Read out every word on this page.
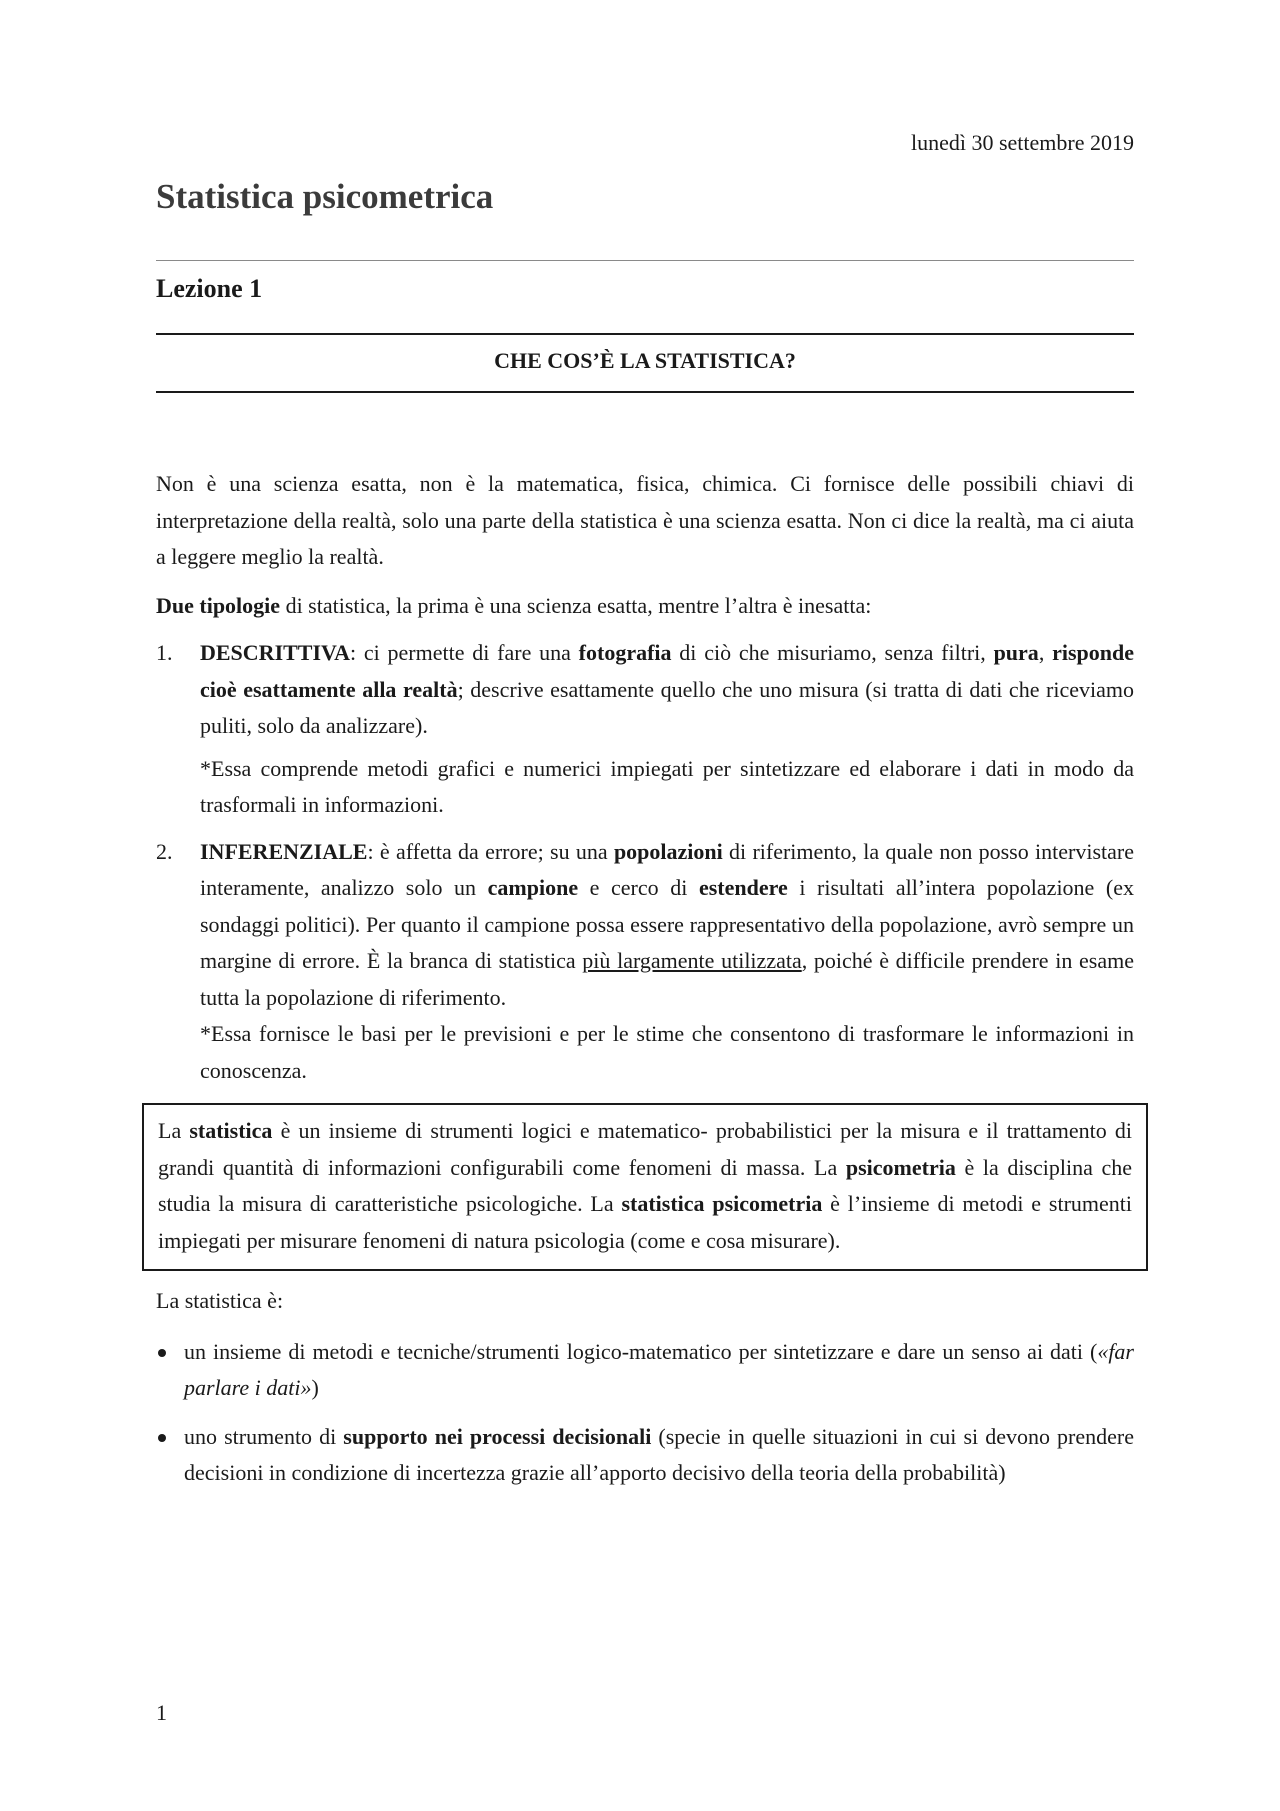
lunedì 30 settembre 2019
Statistica psicometrica
Lezione 1
CHE COS’È LA STATISTICA?

Non è una scienza esatta, non è la matematica, fisica, chimica. Ci fornisce delle possibili chiavi di interpretazione della realtà, solo una parte della statistica è una scienza esatta. Non ci dice la realtà, ma ci aiuta a leggere meglio la realtà.

Due tipologie di statistica, la prima è una scienza esatta, mentre l’altra è inesatta:

1. DESCRITTIVA: ci permette di fare una fotografia di ciò che misuriamo, senza filtri, pura, risponde cioè esattamente alla realtà; descrive esattamente quello che uno misura (si tratta di dati che riceviamo puliti, solo da analizzare).

*Essa comprende metodi grafici e numerici impiegati per sintetizzare ed elaborare i dati in modo da trasformali in informazioni.

2. INFERENZIALE: è affetta da errore; su una popolazioni di riferimento, la quale non posso intervistare interamente, analizzo solo un campione e cerco di estendere i risultati all’intera popolazione (ex sondaggi politici). Per quanto il campione possa essere rappresentativo della popolazione, avrò sempre un margine di errore. È la branca di statistica più largamente utilizzata, poiché è difficile prendere in esame tutta la popolazione di riferimento.

*Essa fornisce le basi per le previsioni e per le stime che consentono di trasformare le informazioni in conoscenza.

La statistica è un insieme di strumenti logici e matematico- probabilistici per la misura e il trattamento di grandi quantità di informazioni configurabili come fenomeni di massa. La psicometria è la disciplina che studia la misura di caratteristiche psicologiche. La statistica psicometria è l’insieme di metodi e strumenti impiegati per misurare fenomeni di natura psicologia (come e cosa misurare).

La statistica è:

un insieme di metodi e tecniche/strumenti logico-matematico per sintetizzare e dare un senso ai dati («far parlare i dati»)

uno strumento di supporto nei processi decisionali (specie in quelle situazioni in cui si devono prendere decisioni in condizione di incertezza grazie all’apporto decisivo della teoria della probabilità)

1
